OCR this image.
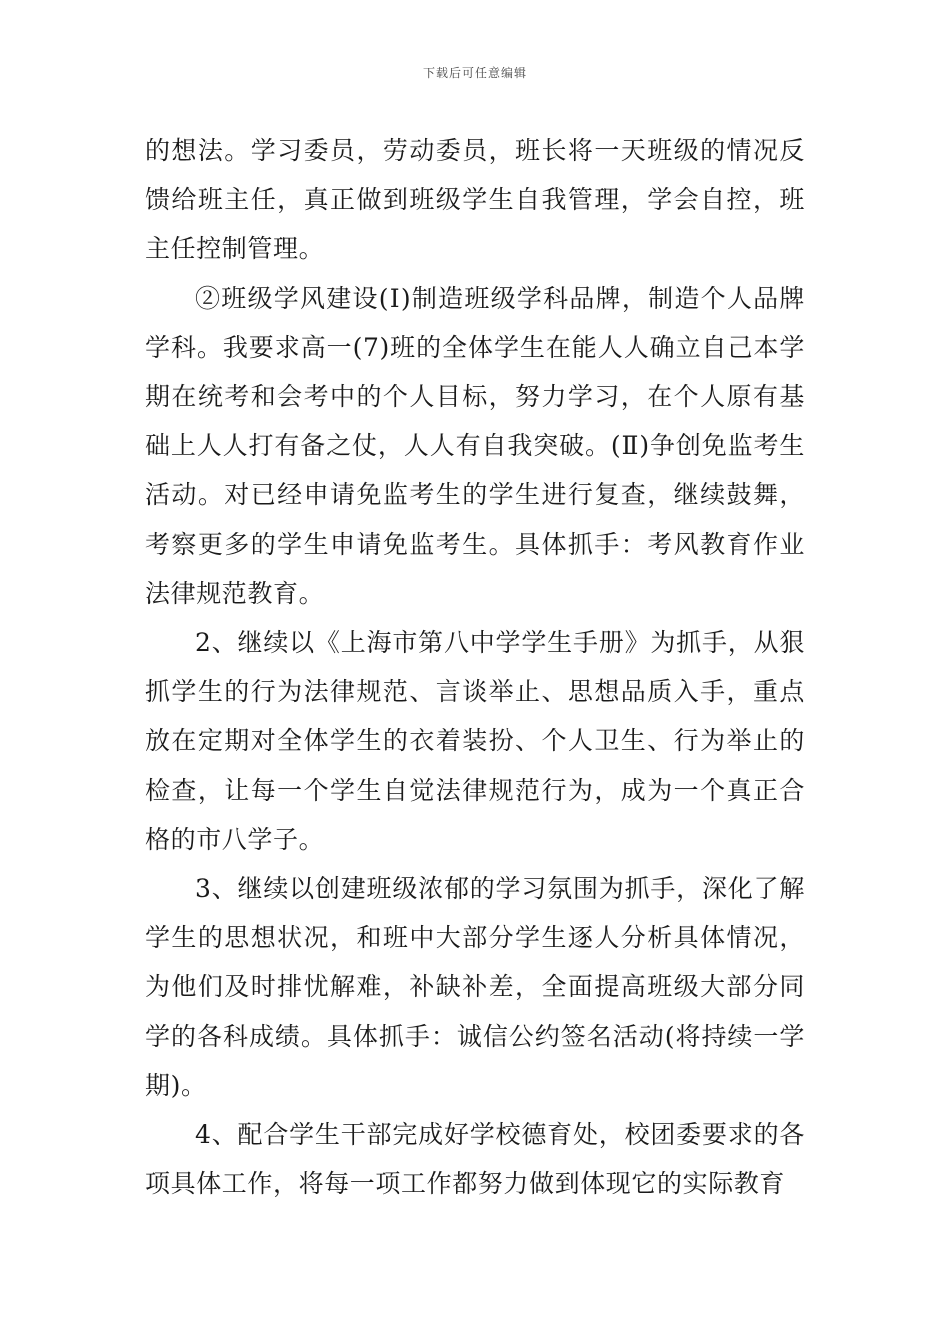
下载后可任意编辑

的想法。学习委员，劳动委员，班长将一天班级的情况反馈给班主任，真正做到班级学生自我管理，学会自控，班主任控制管理。

②班级学风建设(Ⅰ)制造班级学科品牌，制造个人品牌学科。我要求高一(7)班的全体学生在能人人确立自己本学期在统考和会考中的个人目标，努力学习，在个人原有基础上人人打有备之仗，人人有自我突破。(Ⅱ)争创免监考生活动。对已经申请免监考生的学生进行复查，继续鼓舞，考察更多的学生申请免监考生。具体抓手：考风教育作业法律规范教育。

2、继续以《上海市第八中学学生手册》为抓手，从狠抓学生的行为法律规范、言谈举止、思想品质入手，重点放在定期对全体学生的衣着装扮、个人卫生、行为举止的检查，让每一个学生自觉法律规范行为，成为一个真正合格的市八学子。

3、继续以创建班级浓郁的学习氛围为抓手，深化了解学生的思想状况，和班中大部分学生逐人分析具体情况，为他们及时排忧解难，补缺补差，全面提高班级大部分同学的各科成绩。具体抓手：诚信公约签名活动(将持续一学期)。

4、配合学生干部完成好学校德育处，校团委要求的各项具体工作，将每一项工作都努力做到体现它的实际教育
